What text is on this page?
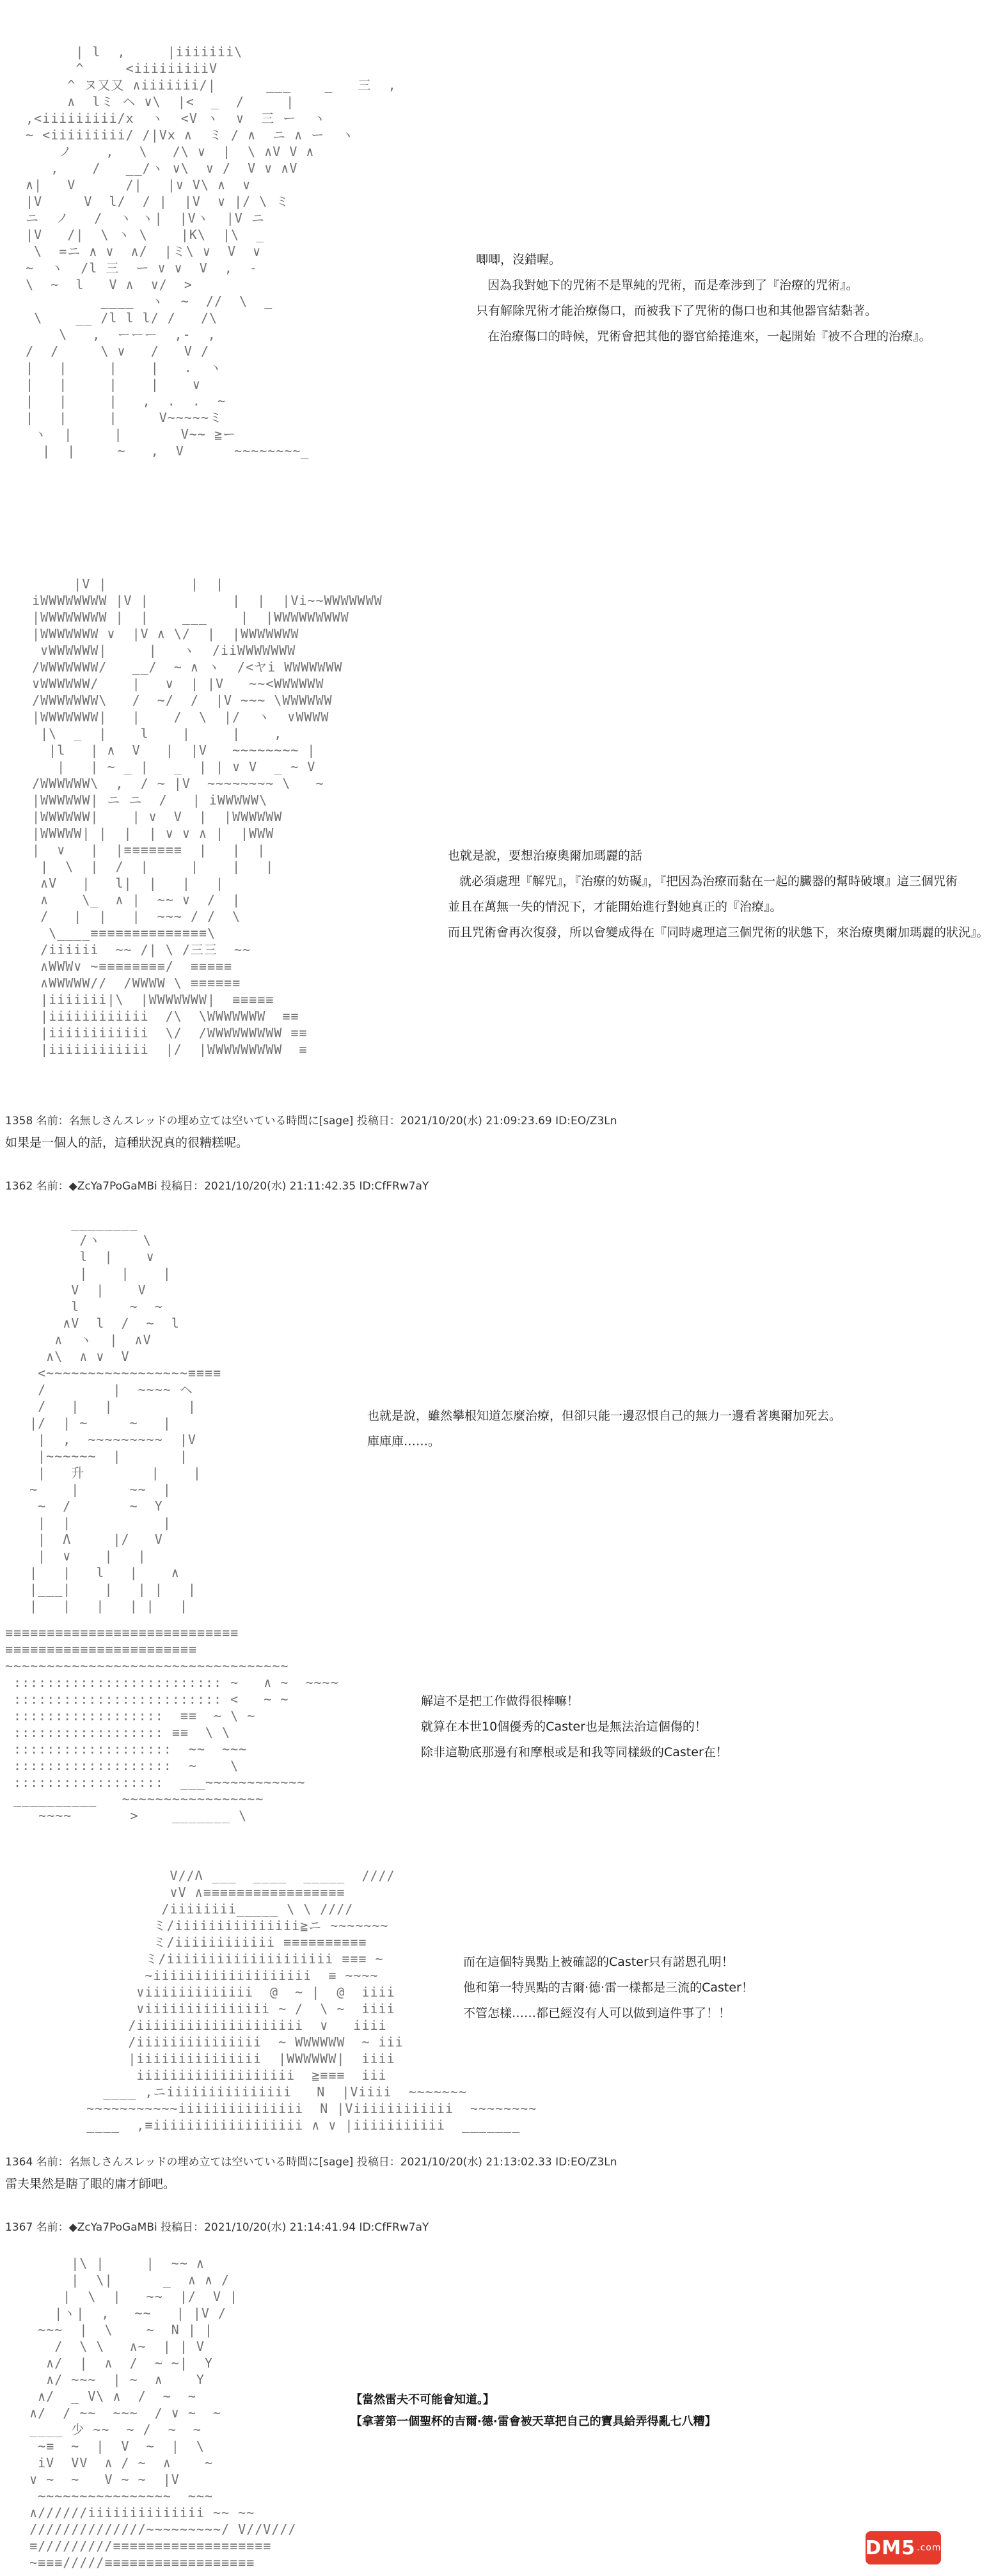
| l  ,     |iiiiiii\
^     <iiiiiiiiiV
^ ヌ又又 ∧iiiiiii/|      ___    _   三  ,
∧  lミ ヘ ∨\  |<  _  /     |
,<iiiiiiiii/x  ヽ  <V ヽ  ∨  三 ー  ヽ
~ <iiiiiiiii/ /|Vx ∧  ミ / ∧  ニ ∧ ー  ヽ
ノ    ,   \   /\ ∨  |  \ ∧V V ∧
,    /   __/ヽ ∨\  ∨ /  V ∨ ∧V
∧|   V      /|   |∨ V\ ∧  ∨
|V     V  l/  / |  |V  ∨ |/ \ ミ
ニ  ノ   /  ヽ ヽ|  |Vヽ  |V ニ
|V   /|  \ ヽ \    |K\  |\  _
\  =ニ ∧ ∨  ∧/  |ミ\ ∨  V  ∨
~  ヽ  /l 三  ー ∨ ∨  V  ,  -
\  ~  l   V ∧  ∨/  >
____  ヽ  ~  //  \  _
\    __ /l l l/ /   /\
\   ,  ーーー  ,-  ,
/  /     \ ∨   /   V /
|   |     |    |   .  ヽ
|   |     |    |    ∨
|   |     |   ,  .  .  ~
|   |     |     V~~~~~ミ
ヽ  |     |       V~~ ≧ー
|  |     ~   ,  V      ~~~~~~~~_
唧唧，沒錯喔。
因為我對她下的咒術不是單純的咒術，而是牽涉到了『治療的咒術』。
只有解除咒術才能治療傷口，而被我下了咒術的傷口也和其他器官結黏著。
在治療傷口的時候，咒術會把其他的器官給捲進來，一起開始『被不合理的治療』。
|V |          |  |
iWWWWWWWW |V |          |  |  |Vi~~WWWWWWW
|WWWWWWWW |  |    ___    |  |WWWWWWWWW
|WWWWWWW ∨  |V ∧ \/  |  |WWWWWWW
∨WWWWWW|     |   ヽ  /iiWWWWWWW
/WWWWWWW/   __/  ~ ∧ ヽ  /<ヤi WWWWWWW
∨WWWWWW/    |   ∨  | |V   ~~<WWWWWW
/WWWWWWW\   /  ~/  /  |V ~~~ \WWWWWW
|WWWWWWW|   |    /  \  |/  ヽ  ∨WWWW
|\  _  |    l    |     |    ,
|l   | ∧  V   |  |V   ~~~~~~~~ |
|   | ~ _ |   _  | | ∨ V  _ ~ V
/WWWWWW\  ,  / ~ |V  ~~~~~~~~ \   ~
|WWWWWW| ニ ニ  /   | iWWWWW\
|WWWWWW|    | ∨  V  |  |WWWWWW
|WWWWW| |  |  | ∨ ∨ ∧ |  |WWW
|  ∨   |  |≡≡≡≡≡≡≡  |   |  |
|  \  |  /  |     |    |   |
∧V   |   l|  |   |   |
∧    \_  ∧ |  ~~ ∨  /  |
/   |  |   |  ~~~ / /  \
\____≡≡≡≡≡≡≡≡≡≡≡≡≡≡\
/iiiiii  ~~ /| \ /三三  ~~
∧WWW∨ ~≡≡≡≡≡≡≡≡/  ≡≡≡≡≡
∧WWWWW//  /WWWW \ ≡≡≡≡≡≡
|iiiiiii|\  |WWWWWWW|  ≡≡≡≡≡
|iiiiiiiiiiii  /\  \WWWWWWW  ≡≡
|iiiiiiiiiiii  \/  /WWWWWWWWW ≡≡
|iiiiiiiiiiii  |/  |WWWWWWWWW  ≡
也就是說，要想治療奧爾加瑪麗的話
就必須處理『解咒』，『治療的妨礙』，『把因為治療而黏在一起的臟器的幫時破壞』這三個咒術
並且在萬無一失的情況下，才能開始進行對她真正的『治療』。
而且咒術會再次復發，所以會變成得在『同時處理這三個咒術的狀態下，來治療奧爾加瑪麗的狀況』。
1358 名前：名無しさんスレッドの埋め立ては空いている時間に[sage] 投稿日：2021/10/20(水) 21:09:23.69 ID:EO/Z3Ln
如果是一個人的話，這種狀況真的很糟糕呢。
1362 名前：◆ZcYa7PoGaMBi 投稿日：2021/10/20(水) 21:11:42.35 ID:CfFRw7aY
________
/ヽ     \
l  |    ∨
|    |    |
V  |    V
l      ~  ~
∧V  l  /  ~  l
∧  ヽ  |  ∧V
∧\  ∧ ∨  V
<~~~~~~~~~~~~~~~~~≡≡≡≡
/        |  ~~~~ ヘ
/   |   |         |
|/  | ~     ~   |
|  ,  ~~~~~~~~~  |V
|~~~~~~  |       |
|   升        |    |
~    |      ~~  |
~  /       ~  Y
|  |           |
|  Λ     |/   V
|  ∨    |   |
|   |   l   |    ∧
|___|    |   | |   |
|   |   |   | |   |
也就是說，雖然攀根知道怎麼治療，但卻只能一邊忍恨自己的無力一邊看著奧爾加死去。
庫庫庫……。
≡≡≡≡≡≡≡≡≡≡≡≡≡≡≡≡≡≡≡≡≡≡≡≡≡≡≡≡
≡≡≡≡≡≡≡≡≡≡≡≡≡≡≡≡≡≡≡≡≡≡≡
~~~~~~~~~~~~~~~~~~~~~~~~~~~~~~~~~~
::::::::::::::::::::::::: ~   ∧ ~  ~~~~
::::::::::::::::::::::::: <   ~ ~
::::::::::::::::::  ≡≡  ~ \ ~
:::::::::::::::::: ≡≡  \ \
:::::::::::::::::::  ~~  ~~~
:::::::::::::::::::  ~    \
::::::::::::::::::  ___~~~~~~~~~~~~
__________   ~~~~~~~~~~~~~~~~~
~~~~       >    _______ \
解這不是把工作做得很棒嘛！
就算在本世10個優秀的Caster也是無法治這個傷的！
除非這勒底那邊有和摩根或是和我等同樣級的Caster在！
V//Λ ___  ____  _____  ////
∨V ∧≡≡≡≡≡≡≡≡≡≡≡≡≡≡≡≡≡
/iiiiiiii_____ \ \ ////
ミ/iiiiiiiiiiiiiii≧ニ ~~~~~~~
ミ/iiiiiiiiiiii ≡≡≡≡≡≡≡≡≡≡
ミ/iiiiiiiiiiiiiiiiiiii ≡≡≡ ~
~iiiiiiiiiiiiiiiiiii  ≡ ~~~~
∨iiiiiiiiiiiii  @  ~ |  @  iiii
∨iiiiiiiiiiiiiii ~ /  \ ~  iiii
/iiiiiiiiiiiiiiiiiiii  ∨   iiii
/iiiiiiiiiiiiiii  ~ WWWWWW  ~ iii
|iiiiiiiiiiiiiii  |WWWWWW|  iiii
iiiiiiiiiiiiiiiiiii  ≧≡≡≡  iii
____ ,ニiiiiiiiiiiiiiii   N  |Viiii  ~~~~~~~
~~~~~~~~~~~iiiiiiiiiiiiiii  N |Viiiiiiiiiiii  ~~~~~~~~
____  ,≡iiiiiiiiiiiiiiiiii ∧ ∨ |iiiiiiiiiii  _______
而在這個特異點上被確認的Caster只有諾恩孔明！
他和第一特異點的吉爾·德·雷一樣都是三流的Caster！
不管怎樣……都已經沒有人可以做到這件事了！！
1364 名前：名無しさんスレッドの埋め立ては空いている時間に[sage] 投稿日：2021/10/20(水) 21:13:02.33 ID:EO/Z3Ln
雷夫果然是瞎了眼的庸才師吧。
1367 名前：◆ZcYa7PoGaMBi 投稿日：2021/10/20(水) 21:14:41.94 ID:CfFRw7aY
|\ |     |  ~~ ∧
|  \|      _  ∧ ∧ /
|  \  |   ~~  |/  V |
|ヽ|  ,   ~~   | |V /
~~~  |  \    ~  N | |
/  \ \   ∧~  | | V
∧/  |  ∧  /  ~ ~|  Y
∧/ ~~~  | ~  ∧    Y
∧/  _ V\ ∧  /  ~  ~
∧/  / ~~  ~~~  / ∨ ~  ~
____ 少 ~~  ~ /  ~  ~
~≡  ~  |  V  ~  |  \
iV  VV  ∧ / ~  ∧    ~
∨ ~  ~   V ~ ~  |V
~~~~~~~~~~~~~~~~  ~~~
∧//////iiiiiiiiiiiiii ~~ ~~
//////////////~~~~~~~~~/ V//V///
≡/////////≡≡≡≡≡≡≡≡≡≡≡≡≡≡≡≡≡≡≡
~≡≡≡/////≡≡≡≡≡≡≡≡≡≡≡≡≡≡≡≡≡≡
【當然雷夫不可能會知道。】
【拿著第一個聖杯的吉爾·德·雷會被天草把自己的寶具給弄得亂七八糟】
DM5 .com
